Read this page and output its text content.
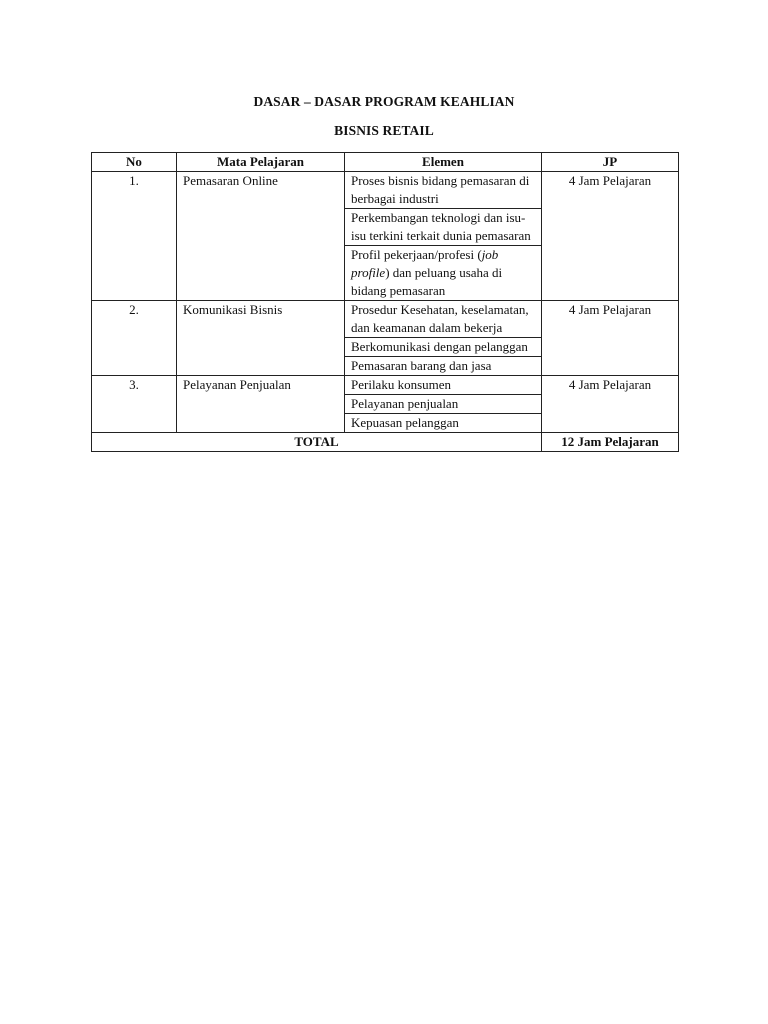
DASAR – DASAR PROGRAM KEAHLIAN
BISNIS RETAIL
No	Mata Pelajaran	Elemen	JP
1.	Pemasaran Online	Proses bisnis bidang pemasaran di berbagai industri	4 Jam Pelajaran
		Perkembangan teknologi dan isu-isu terkini terkait dunia pemasaran	
		Profil pekerjaan/profesi (job profile) dan peluang usaha di bidang pemasaran	
2.	Komunikasi Bisnis	Prosedur Kesehatan, keselamatan, dan keamanan dalam bekerja	4 Jam Pelajaran
		Berkomunikasi dengan pelanggan	
		Pemasaran barang dan jasa	
3.	Pelayanan Penjualan	Perilaku konsumen	4 Jam Pelajaran
		Pelayanan penjualan	
		Kepuasan pelanggan	
TOTAL			12 Jam Pelajaran
